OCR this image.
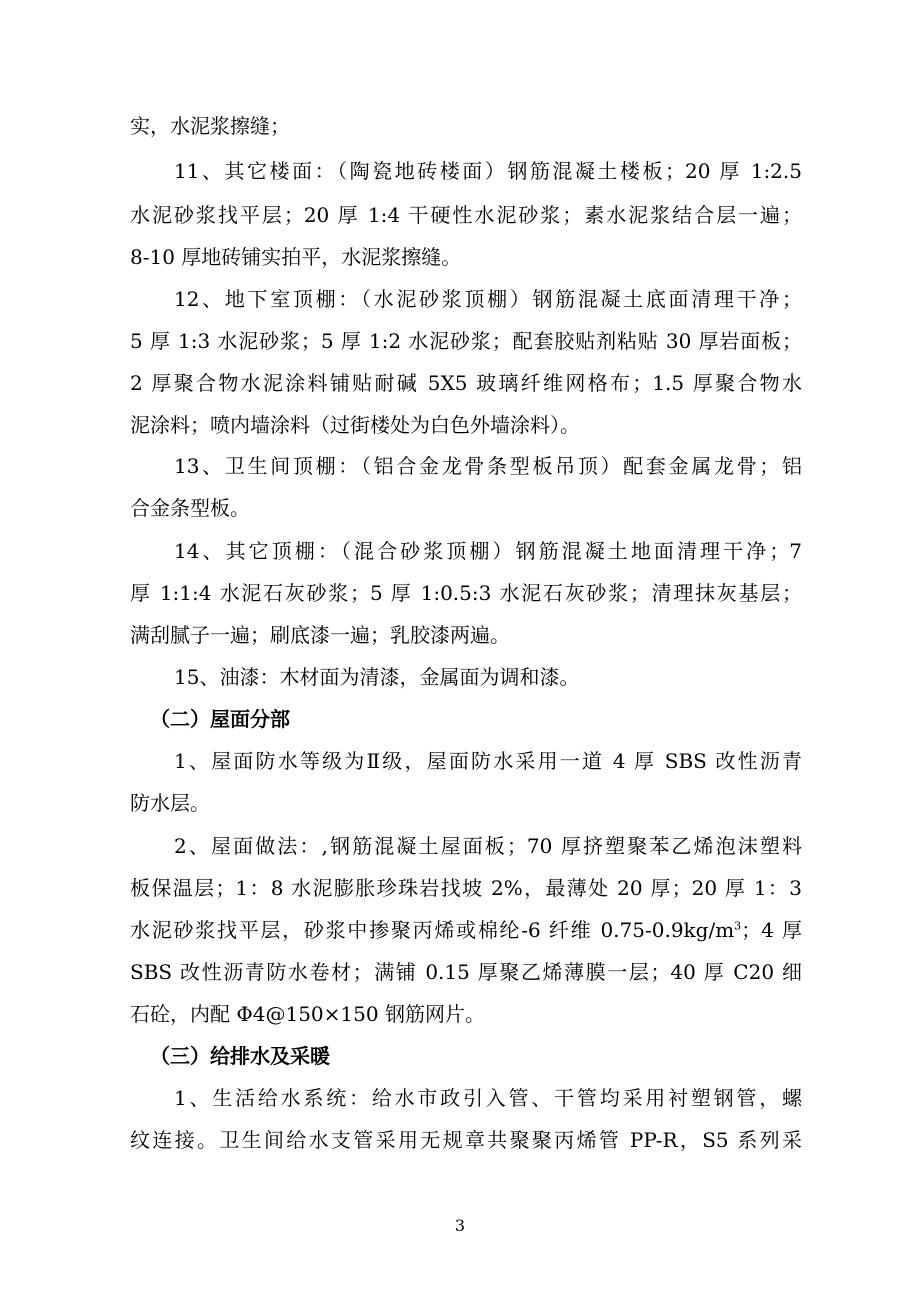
实，水泥浆擦缝；
11、其它楼面：（陶瓷地砖楼面）钢筋混凝土楼板；20 厚 1:2.5
水泥砂浆找平层；20 厚 1:4 干硬性水泥砂浆；素水泥浆结合层一遍；
8-10 厚地砖铺实拍平，水泥浆擦缝。
12、地下室顶棚：（水泥砂浆顶棚）钢筋混凝土底面清理干净；
5 厚 1:3 水泥砂浆；5 厚 1:2 水泥砂浆；配套胶贴剂粘贴 30 厚岩面板；
2 厚聚合物水泥涂料铺贴耐碱 5X5 玻璃纤维网格布；1.5 厚聚合物水
泥涂料；喷内墙涂料（过街楼处为白色外墙涂料）。
13、卫生间顶棚：（铝合金龙骨条型板吊顶）配套金属龙骨；铝
合金条型板。
14、其它顶棚：（混合砂浆顶棚）钢筋混凝土地面清理干净；7
厚 1:1:4 水泥石灰砂浆；5 厚 1:0.5:3 水泥石灰砂浆；清理抹灰基层；
满刮腻子一遍；刷底漆一遍；乳胶漆两遍。
15、油漆：木材面为清漆，金属面为调和漆。
（二）屋面分部
1、屋面防水等级为Ⅱ级，屋面防水采用一道 4 厚 SBS 改性沥青
防水层。
2、屋面做法：,钢筋混凝土屋面板；70 厚挤塑聚苯乙烯泡沫塑料
板保温层；1：8 水泥膨胀珍珠岩找坡 2%，最薄处 20 厚；20 厚 1：3
水泥砂浆找平层，砂浆中掺聚丙烯或棉纶-6 纤维 $0.75-0.9kg/m^3$；4 厚
SBS 改性沥青防水卷材；满铺 0.15 厚聚乙烯薄膜一层；40 厚 C20 细
石砼，内配 Φ4@150×150 钢筋网片。
（三）给排水及采暖
1、生活给水系统：给水市政引入管、干管均采用衬塑钢管，螺
纹连接。卫生间给水支管采用无规章共聚聚丙烯管 PP-R，S5 系列采
3
